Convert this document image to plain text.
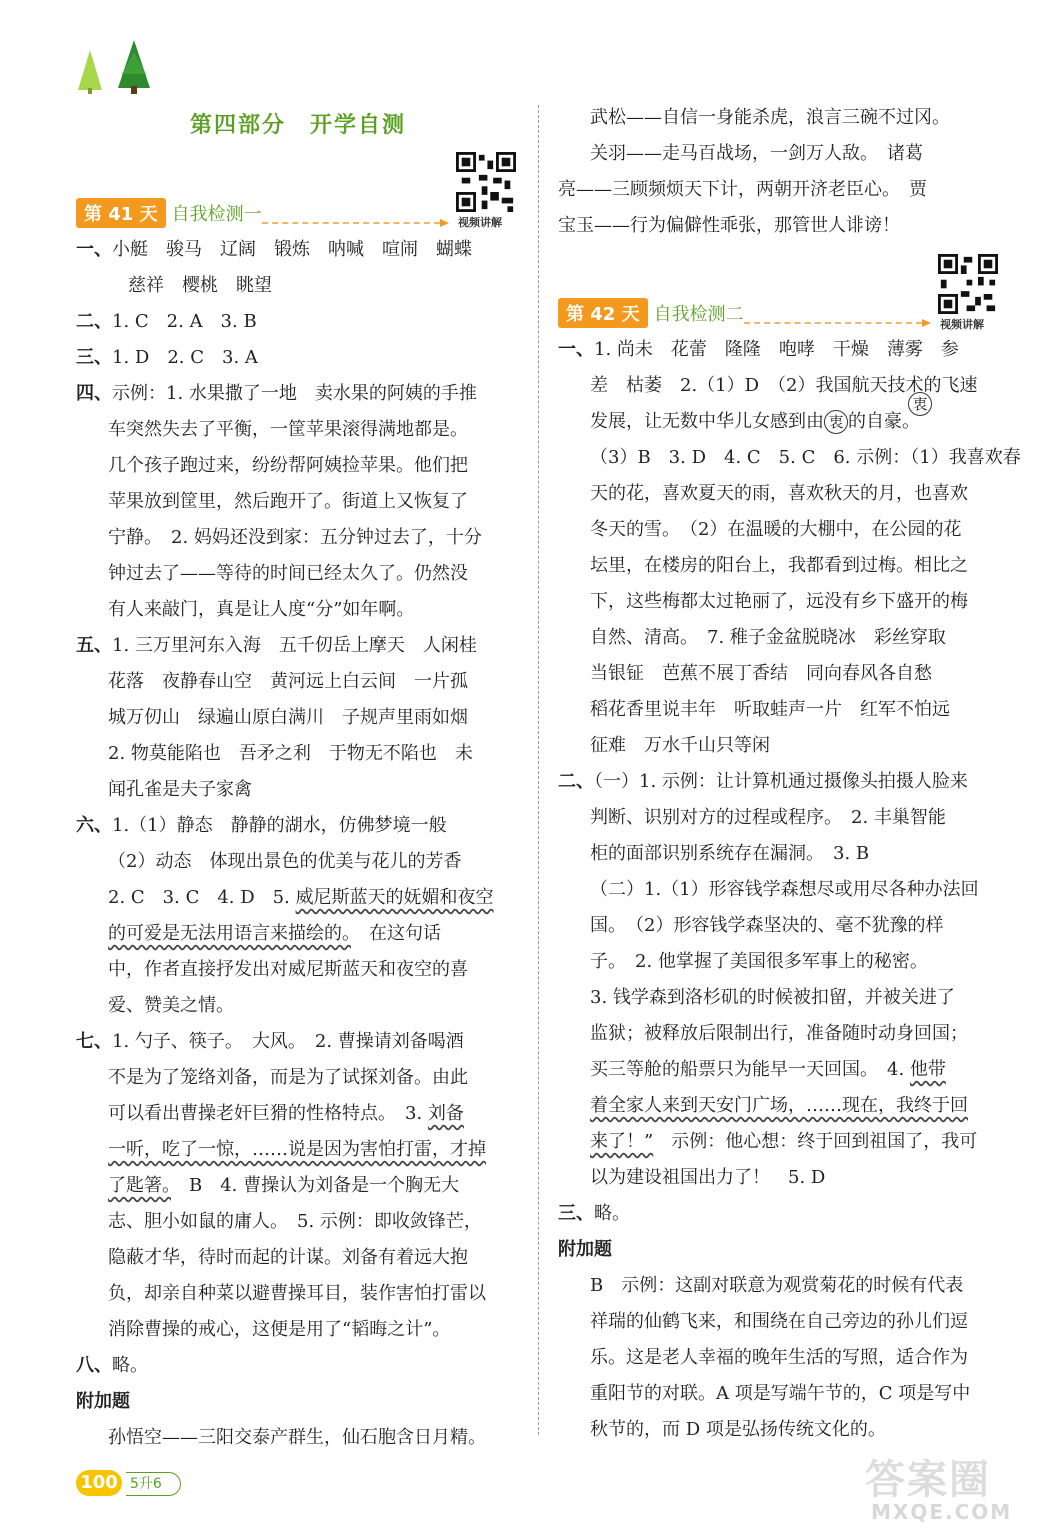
第四部分　开学自测
视频讲解
视频讲解
第 41 天 自我检测一
第 42 天 自我检测二

一、小艇　骏马　辽阔　锻炼　呐喊　喧闹　蝴蝶

慈祥　樱桃　眺望

二、1. C　2. A　3. B

三、1. D　2. C　3. A

四、示例：1. 水果撒了一地　卖水果的阿姨的手推

车突然失去了平衡，一筐苹果滚得满地都是。

几个孩子跑过来，纷纷帮阿姨捡苹果。他们把

苹果放到筐里，然后跑开了。街道上又恢复了

宁静。　2. 妈妈还没到家：五分钟过去了，十分

钟过去了——等待的时间已经太久了。仍然没

有人来敲门，真是让人度“分”如年啊。

五、1. 三万里河东入海　五千仞岳上摩天　人闲桂

花落　夜静春山空　黄河远上白云间　一片孤

城万仞山　绿遍山原白满川　子规声里雨如烟

2. 物莫能陷也　吾矛之利　于物无不陷也　未

闻孔雀是夫子家禽

六、1.（1）静态　静静的湖水，仿佛梦境一般

（2）动态　体现出景色的优美与花儿的芳香

2. C　3. C　4. D　5. 威尼斯蓝天的妩媚和夜空

的可爱是无法用语言来描绘的。　在这句话

中，作者直接抒发出对威尼斯蓝天和夜空的喜

爱、赞美之情。

七、1. 勺子、筷子。　大风。　2. 曹操请刘备喝酒

不是为了笼络刘备，而是为了试探刘备。由此

可以看出曹操老奸巨猾的性格特点。　3. 刘备

一听，吃了一惊，……说是因为害怕打雷，才掉

了匙箸。　B　4. 曹操认为刘备是一个胸无大

志、胆小如鼠的庸人。　5. 示例：即收敛锋芒，

隐蔽才华，待时而起的计谋。刘备有着远大抱

负，却亲自种菜以避曹操耳目，装作害怕打雷以

消除曹操的戒心，这便是用了“韬晦之计”。

八、略。

附加题

孙悟空——三阳交泰产群生，仙石胞含日月精。

武松——自信一身能杀虎，浪言三碗不过冈。

关羽——走马百战场，一剑万人敌。　诸葛

亮——三顾频烦天下计，两朝开济老臣心。　贾

宝玉——行为偏僻性乖张，那管世人诽谤！

一、1. 尚未　花蕾　隆隆　咆哮　干燥　薄雾　参

差　枯萎　2.（1）D　（2）我国航天技术的飞速

发展，让无数中华儿女感到由 衷 的自豪。
衷

（3）B　3. D　4. C　5. C　6. 示例：（1）我喜欢春

天的花，喜欢夏天的雨，喜欢秋天的月，也喜欢

冬天的雪。　（2）在温暖的大棚中，在公园的花

坛里，在楼房的阳台上，我都看到过梅。相比之

下，这些梅都太过艳丽了，远没有乡下盛开的梅

自然、清高。　7. 稚子金盆脱晓冰　彩丝穿取

当银钲　芭蕉不展丁香结　同向春风各自愁

稻花香里说丰年　听取蛙声一片　红军不怕远

征难　万水千山只等闲

二、（一）1. 示例：让计算机通过摄像头拍摄人脸来

判断、识别对方的过程或程序。　2. 丰巢智能

柜的面部识别系统存在漏洞。　3. B

（二）1.（1）形容钱学森想尽或用尽各种办法回

国。　（2）形容钱学森坚决的、毫不犹豫的样

子。　2. 他掌握了美国很多军事上的秘密。

3. 钱学森到洛杉矶的时候被扣留，并被关进了

监狱；被释放后限制出行，准备随时动身回国；

买三等舱的船票只为能早一天回国。　4. 他带

着全家人来到天安门广场，……现在，我终于回

来了！”　示例：他心想：终于回到祖国了，我可

以为建设祖国出力了！　5. D

三、略。

附加题

B　示例：这副对联意为观赏菊花的时候有代表

祥瑞的仙鹤飞来，和围绕在自己旁边的孙儿们逗

乐。这是老人幸福的晚年生活的写照，适合作为

重阳节的对联。A 项是写端午节的，C 项是写中

秋节的，而 D 项是弘扬传统文化的。

100 5升6	答案圈
MXQE.COM
